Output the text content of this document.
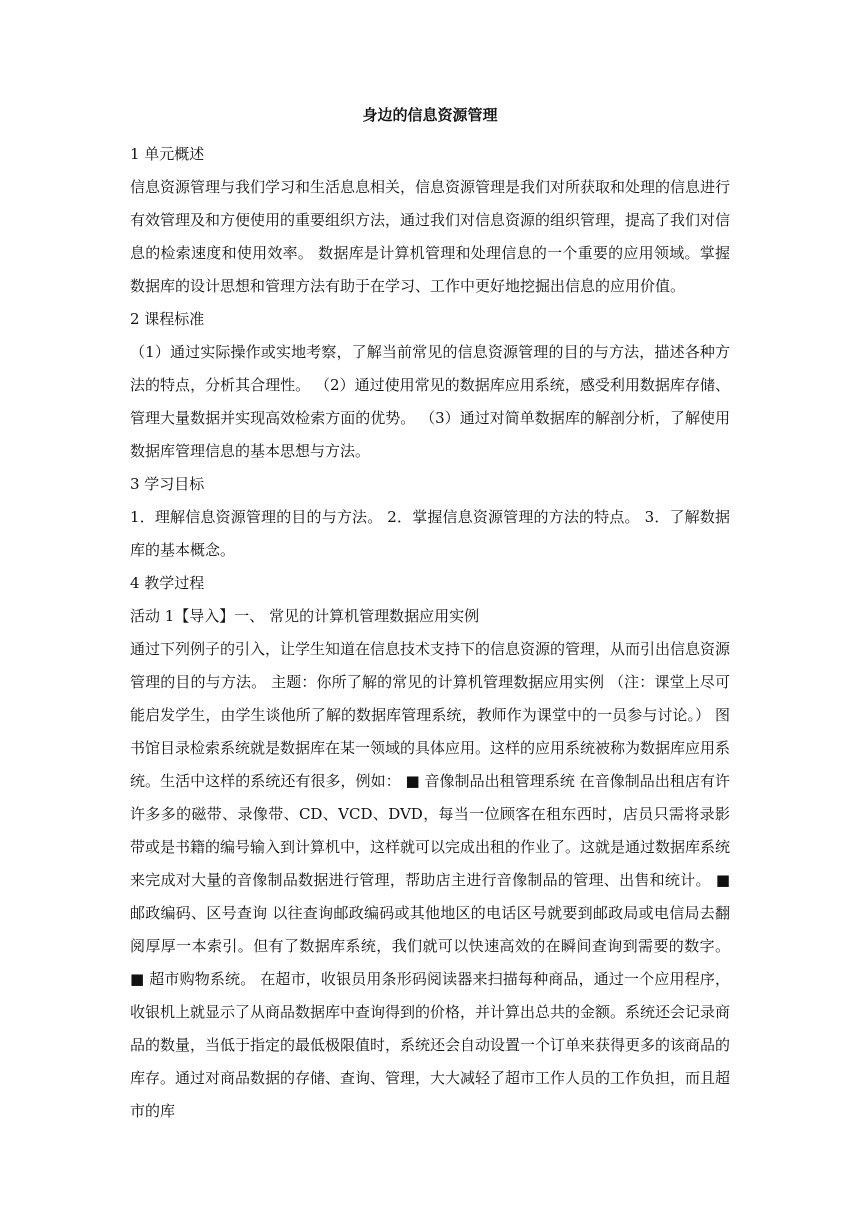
身边的信息资源管理
1 单元概述
信息资源管理与我们学习和生活息息相关，信息资源管理是我们对所获取和处理的信息进行有效管理及和方便使用的重要组织方法，通过我们对信息资源的组织管理，提高了我们对信息的检索速度和使用效率。 数据库是计算机管理和处理信息的一个重要的应用领域。掌握数据库的设计思想和管理方法有助于在学习、工作中更好地挖掘出信息的应用价值。
2 课程标准
（1）通过实际操作或实地考察，了解当前常见的信息资源管理的目的与方法，描述各种方法的特点，分析其合理性。 （2）通过使用常见的数据库应用系统，感受利用数据库存储、管理大量数据并实现高效检索方面的优势。 （3）通过对简单数据库的解剖分析，了解使用数据库管理信息的基本思想与方法。
3 学习目标
1．理解信息资源管理的目的与方法。 2．掌握信息资源管理的方法的特点。 3．了解数据库的基本概念。
4 教学过程
活动 1【导入】一、 常见的计算机管理数据应用实例
通过下列例子的引入，让学生知道在信息技术支持下的信息资源的管理，从而引出信息资源管理的目的与方法。 主题：你所了解的常见的计算机管理数据应用实例 （注：课堂上尽可能启发学生，由学生谈他所了解的数据库管理系统，教师作为课堂中的一员参与讨论。） 图书馆目录检索系统就是数据库在某一领域的具体应用。这样的应用系统被称为数据库应用系统。生活中这样的系统还有很多，例如： ■ 音像制品出租管理系统 在音像制品出租店有许许多多的磁带、录像带、CD、VCD、DVD，每当一位顾客在租东西时，店员只需将录影带或是书籍的编号输入到计算机中，这样就可以完成出租的作业了。这就是通过数据库系统来完成对大量的音像制品数据进行管理，帮助店主进行音像制品的管理、出售和统计。 ■ 邮政编码、区号查询 以往查询邮政编码或其他地区的电话区号就要到邮政局或电信局去翻阅厚厚一本索引。但有了数据库系统，我们就可以快速高效的在瞬间查询到需要的数字。 ■ 超市购物系统。 在超市，收银员用条形码阅读器来扫描每种商品，通过一个应用程序，收银机上就显示了从商品数据库中查询得到的价格，并计算出总共的金额。系统还会记录商品的数量，当低于指定的最低极限值时，系统还会自动设置一个订单来获得更多的该商品的库存。通过对商品数据的存储、查询、管理，大大减轻了超市工作人员的工作负担，而且超市的库
